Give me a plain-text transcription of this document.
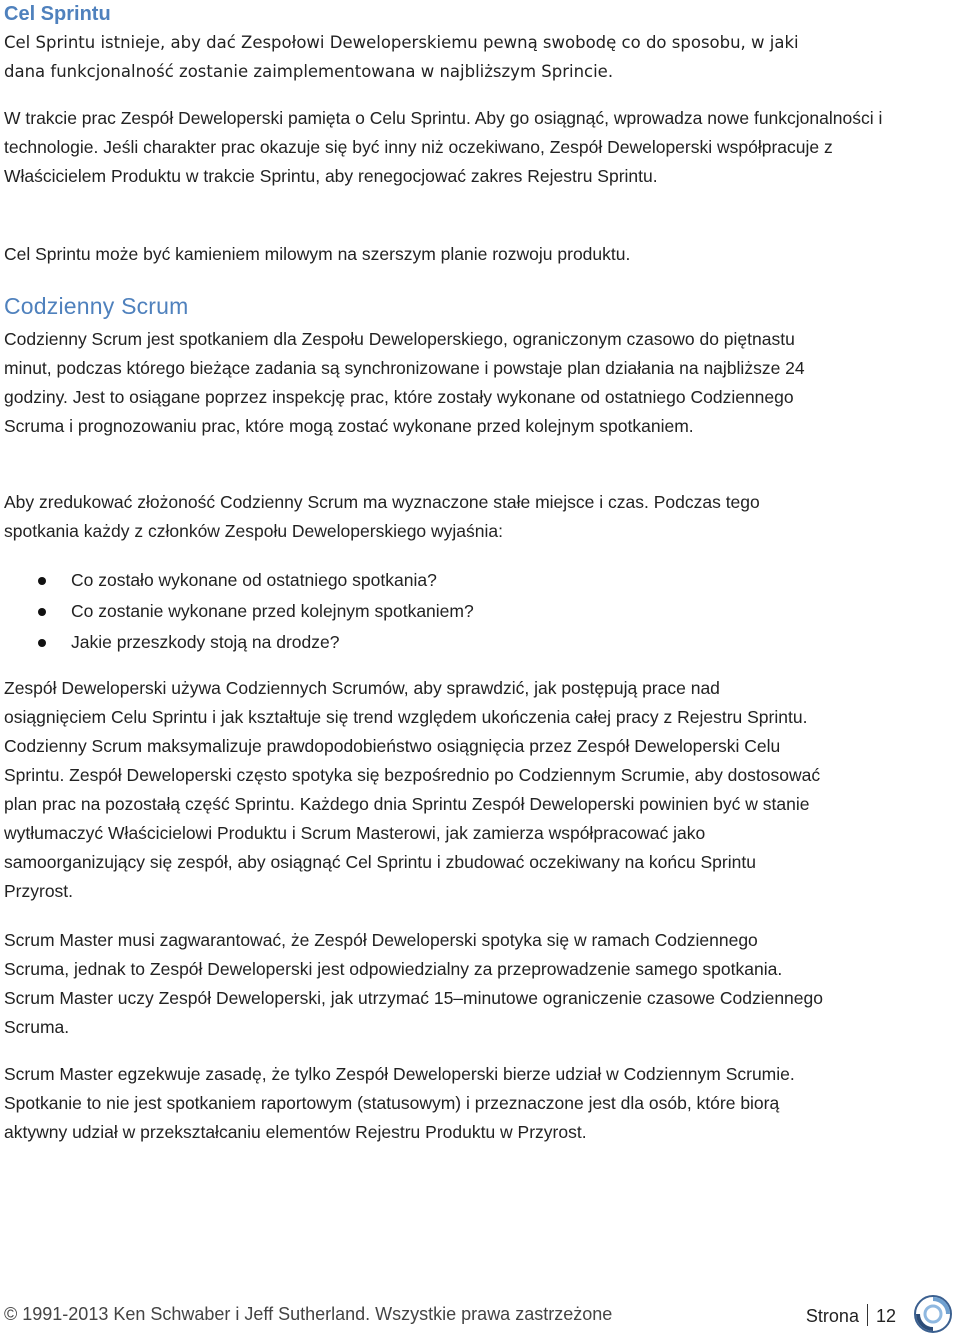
Cel Sprintu

Cel Sprintu istnieje, aby dać Zespołowi Deweloperskiemu pewną swobodę co do sposobu, w jaki dana funkcjonalność zostanie zaimplementowana w najbliższym Sprincie.

W trakcie prac Zespół Deweloperski pamięta o Celu Sprintu. Aby go osiągnąć, wprowadza nowe funkcjonalności i technologie. Jeśli charakter prac okazuje się być inny niż oczekiwano, Zespół Deweloperski współpracuje z Właścicielem Produktu w trakcie Sprintu, aby renegocjować zakres Rejestru Sprintu.

Cel Sprintu może być kamieniem milowym na szerszym planie rozwoju produktu.

Codzienny Scrum

Codzienny Scrum jest spotkaniem dla Zespołu Deweloperskiego, ograniczonym czasowo do piętnastu minut, podczas którego bieżące zadania są synchronizowane i powstaje plan działania na najbliższe 24 godziny. Jest to osiągane poprzez inspekcję prac, które zostały wykonane od ostatniego Codziennego Scruma i prognozowaniu prac, które mogą zostać wykonane przed kolejnym spotkaniem.

Aby zredukować złożoność Codzienny Scrum ma wyznaczone stałe miejsce i czas. Podczas tego spotkania każdy z członków Zespołu Deweloperskiego wyjaśnia:

Co zostało wykonane od ostatniego spotkania?
Co zostanie wykonane przed kolejnym spotkaniem?
Jakie przeszkody stoją na drodze?

Zespół Deweloperski używa Codziennych Scrumów, aby sprawdzić, jak postępują prace nad osiągnięciem Celu Sprintu i jak kształtuje się trend względem ukończenia całej pracy z Rejestru Sprintu. Codzienny Scrum maksymalizuje prawdopodobieństwo osiągnięcia przez Zespół Deweloperski Celu Sprintu. Zespół Deweloperski często spotyka się bezpośrednio po Codziennym Scrumie, aby dostosować plan prac na pozostałą część Sprintu. Każdego dnia Sprintu Zespół Deweloperski powinien być w stanie wytłumaczyć Właścicielowi Produktu i Scrum Masterowi, jak zamierza współpracować jako samoorganizujący się zespół, aby osiągnąć Cel Sprintu i zbudować oczekiwany na końcu Sprintu Przyrost.

Scrum Master musi zagwarantować, że Zespół Deweloperski spotyka się w ramach Codziennego Scruma, jednak to Zespół Deweloperski jest odpowiedzialny za przeprowadzenie samego spotkania. Scrum Master uczy Zespół Deweloperski, jak utrzymać 15–minutowe ograniczenie czasowe Codziennego Scruma.

Scrum Master egzekwuje zasadę, że tylko Zespół Deweloperski bierze udział w Codziennym Scrumie. Spotkanie to nie jest spotkaniem raportowym (statusowym) i przeznaczone jest dla osób, które biorą aktywny udział w przekształcaniu elementów Rejestru Produktu w Przyrost.

© 1991-2013 Ken Schwaber i Jeff Sutherland. Wszystkie prawa zastrzeżone	Strona 12
